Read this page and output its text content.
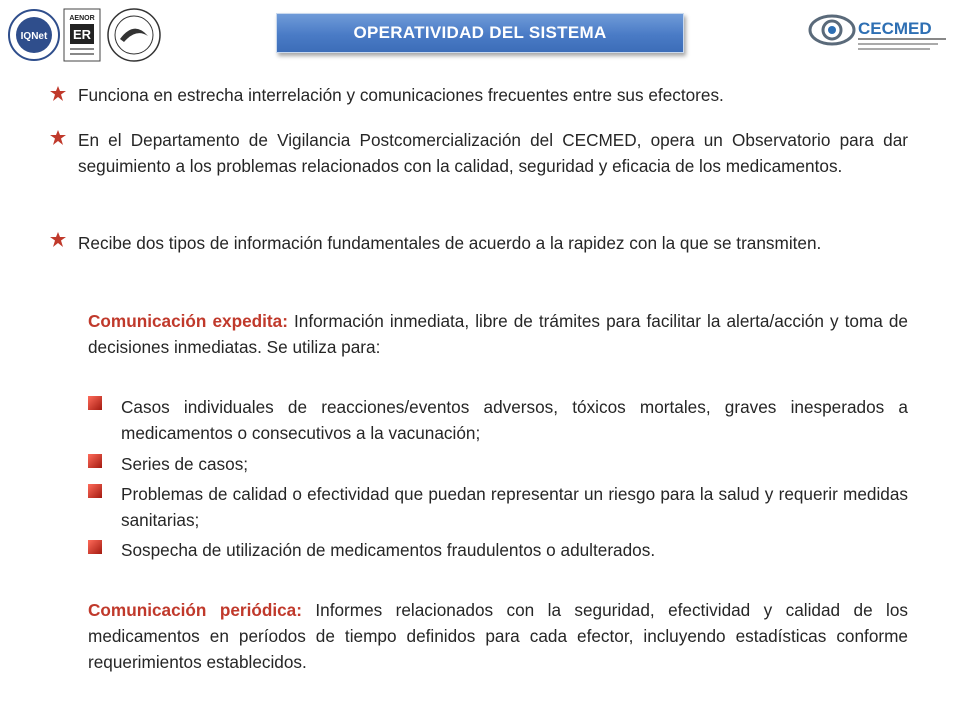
IQNet
AENOR
ER	OPERATIVIDAD DEL SISTEMA	CECMED
Funciona en estrecha interrelación y comunicaciones frecuentes entre sus efectores.
En el Departamento de Vigilancia Postcomercialización del CECMED, opera un Observatorio para dar seguimiento a los problemas relacionados con la calidad, seguridad y eficacia de los medicamentos.
Recibe dos tipos de información fundamentales de acuerdo a la rapidez con la que se transmiten.
Comunicación expedita: Información inmediata, libre de trámites para facilitar la alerta/acción y toma de decisiones inmediatas. Se utiliza para:
Casos individuales de reacciones/eventos adversos, tóxicos mortales, graves inesperados a medicamentos o consecutivos a la vacunación;
Series de casos;
Problemas de calidad o efectividad que puedan representar un riesgo para la salud y requerir medidas sanitarias;
Sospecha de utilización de medicamentos fraudulentos o adulterados.
Comunicación periódica: Informes relacionados con la seguridad, efectividad y calidad de los medicamentos en períodos de tiempo definidos para cada efector, incluyendo estadísticas conforme requerimientos establecidos.
